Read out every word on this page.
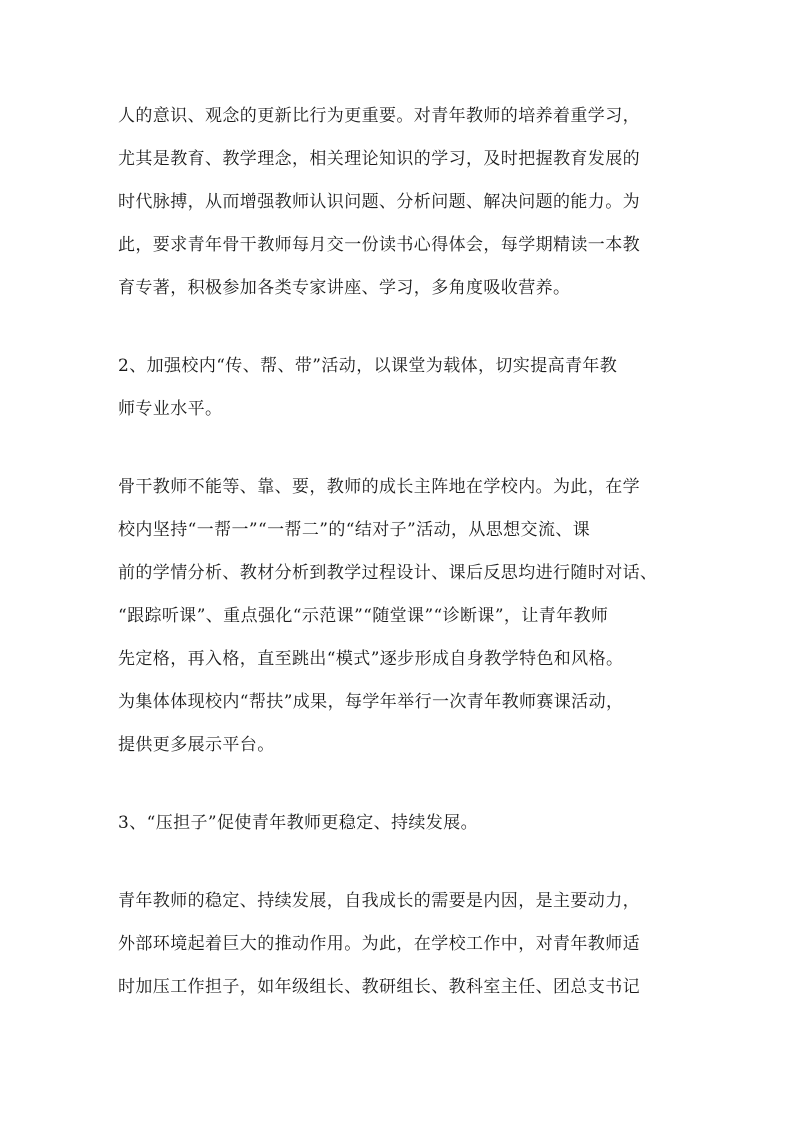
人的意识、观念的更新比行为更重要。对青年教师的培养着重学习，
尤其是教育、教学理念，相关理论知识的学习，及时把握教育发展的
时代脉搏，从而增强教师认识问题、分析问题、解决问题的能力。为
此，要求青年骨干教师每月交一份读书心得体会，每学期精读一本教
育专著，积极参加各类专家讲座、学习，多角度吸收营养。
2、加强校内“传、帮、带”活动，以课堂为载体，切实提高青年教
师专业水平。
骨干教师不能等、靠、要，教师的成长主阵地在学校内。为此，在学
校内坚持“一帮一”“一帮二”的“结对子”活动，从思想交流、课
前的学情分析、教材分析到教学过程设计、课后反思均进行随时对话、
“跟踪听课”、重点强化“示范课”“随堂课”“诊断课”，让青年教师
先定格，再入格，直至跳出“模式”逐步形成自身教学特色和风格。
为集体体现校内“帮扶”成果，每学年举行一次青年教师赛课活动，
提供更多展示平台。
3、“压担子”促使青年教师更稳定、持续发展。
青年教师的稳定、持续发展，自我成长的需要是内因，是主要动力，
外部环境起着巨大的推动作用。为此，在学校工作中，对青年教师适
时加压工作担子，如年级组长、教研组长、教科室主任、团总支书记
